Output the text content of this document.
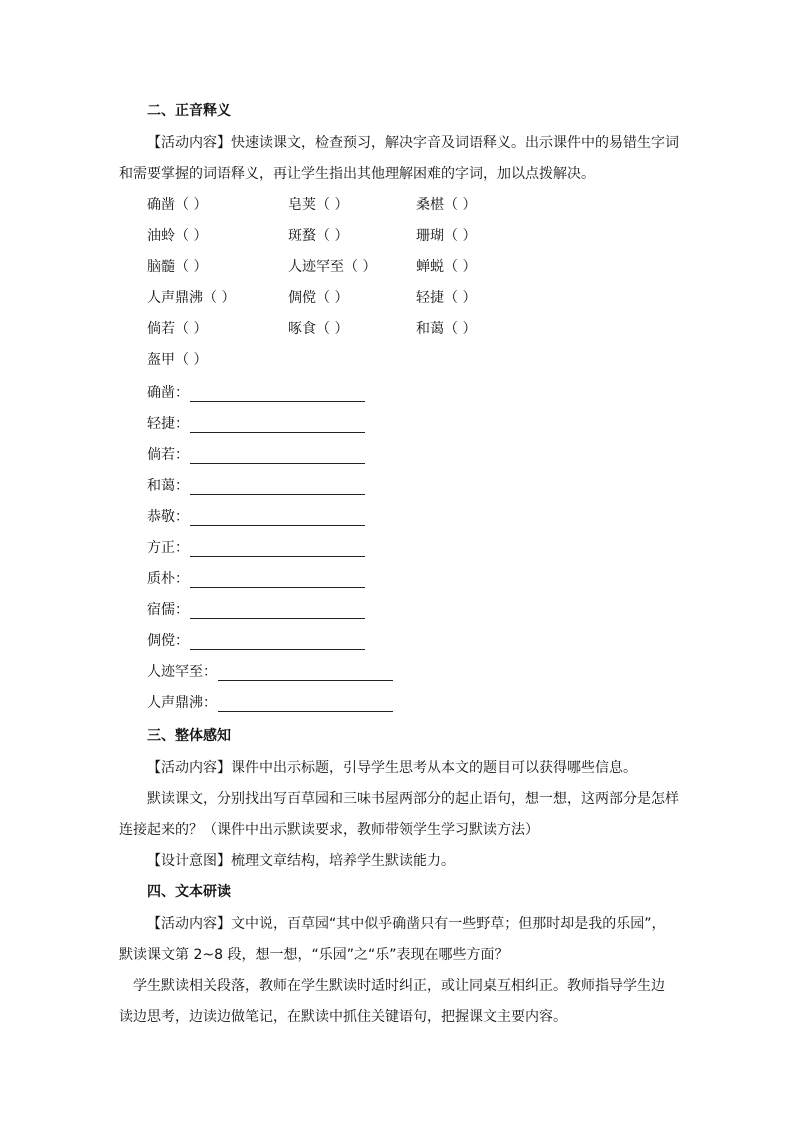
二、正音释义
【活动内容】快速读课文，检查预习，解决字音及词语释义。出示课件中的易错生字词
和需要掌握的词语释义，再让学生指出其他理解困难的字词，加以点拨解决。
确凿（ ）	皂荚（ ）	桑椹（ ）
油蛉（ ）	斑蝥（ ）	珊瑚（ ）
脑髓（ ）	人迹罕至（ ）	蝉蜕（ ）
人声鼎沸（ ）	倜傥（ ）	轻捷（ ）
倘若（ ）	啄食（ ）	和蔼（ ）
盔甲（ ）
确凿：
轻捷：
倘若：
和蔼：
恭敬：
方正：
质朴：
宿儒：
倜傥：
人迹罕至：
人声鼎沸：
三、整体感知
【活动内容】课件中出示标题，引导学生思考从本文的题目可以获得哪些信息。
默读课文，分别找出写百草园和三味书屋两部分的起止语句，想一想，这两部分是怎样
连接起来的？（课件中出示默读要求，教师带领学生学习默读方法）
【设计意图】梳理文章结构，培养学生默读能力。
四、文本研读
【活动内容】文中说，百草园“其中似乎确凿只有一些野草；但那时却是我的乐园”，
默读课文第 2~8 段，想一想，“乐园”之“乐”表现在哪些方面？
学生默读相关段落，教师在学生默读时适时纠正，或让同桌互相纠正。教师指导学生边
读边思考，边读边做笔记，在默读中抓住关键语句，把握课文主要内容。
